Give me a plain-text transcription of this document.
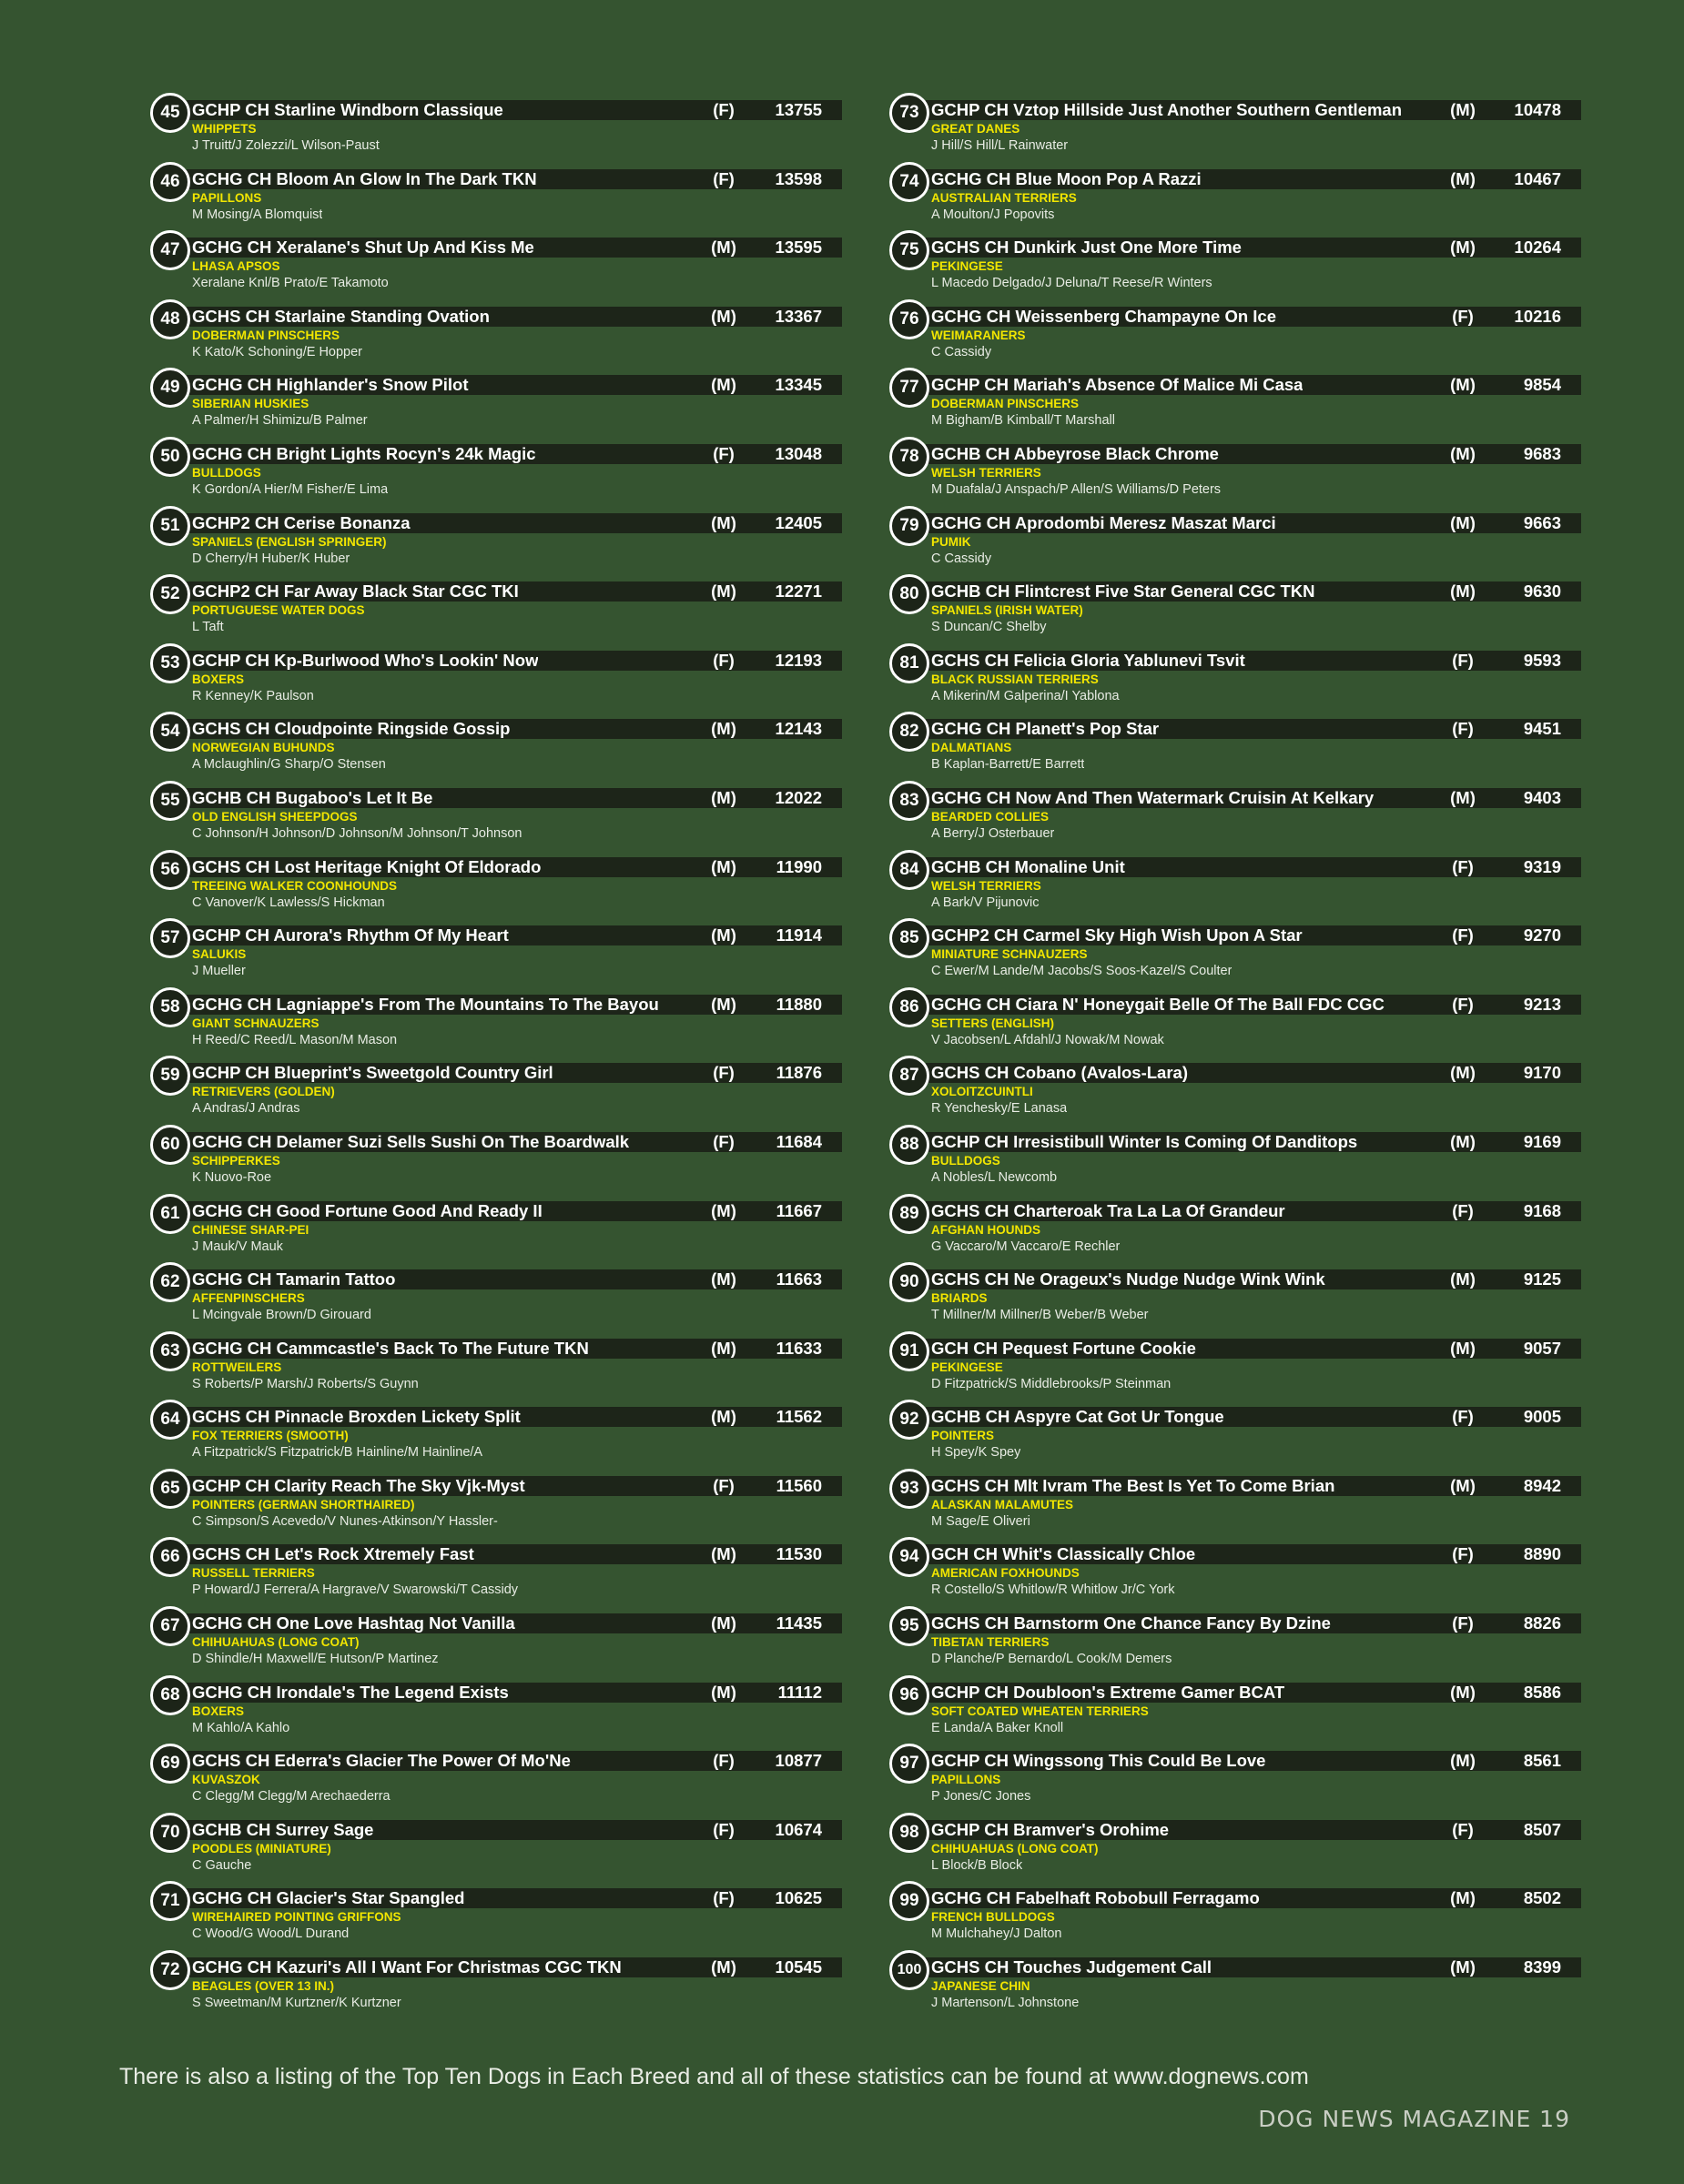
45 GCHP CH Starline Windborn Classique	(F)	13755
WHIPPETS
J Truitt/J Zolezzi/L Wilson-Paust
46 GCHG CH Bloom An Glow In The Dark TKN	(F)	13598
PAPILLONS
M Mosing/A Blomquist
47 GCHG CH Xeralane's Shut Up And Kiss Me	(M)	13595
LHASA APSOS
Xeralane Knl/B Prato/E Takamoto
48 GCHS CH Starlaine Standing Ovation	(M)	13367
DOBERMAN PINSCHERS
K Kato/K Schoning/E Hopper
49 GCHG CH Highlander's Snow Pilot	(M)	13345
SIBERIAN HUSKIES
A Palmer/H Shimizu/B Palmer
50 GCHG CH Bright Lights Rocyn's 24k Magic	(F)	13048
BULLDOGS
K Gordon/A Hier/M Fisher/E Lima
51 GCHP2 CH Cerise Bonanza	(M)	12405
SPANIELS (ENGLISH SPRINGER)
D Cherry/H Huber/K Huber
52 GCHP2 CH Far Away Black Star CGC TKI	(M)	12271
PORTUGUESE WATER DOGS
L Taft
53 GCHP CH Kp-Burlwood Who's Lookin' Now	(F)	12193
BOXERS
R Kenney/K Paulson
54 GCHS CH Cloudpointe Ringside Gossip	(M)	12143
NORWEGIAN BUHUNDS
A Mclaughlin/G Sharp/O Stensen
55 GCHB CH Bugaboo's Let It Be	(M)	12022
OLD ENGLISH SHEEPDOGS
C Johnson/H Johnson/D Johnson/M Johnson/T Johnson
56 GCHS CH Lost Heritage Knight Of Eldorado	(M)	11990
TREEING WALKER COONHOUNDS
C Vanover/K Lawless/S Hickman
57 GCHP CH Aurora's Rhythm Of My Heart	(M)	11914
SALUKIS
J Mueller
58 GCHG CH Lagniappe's From The Mountains To The Bayou	(M)	11880
GIANT SCHNAUZERS
H Reed/C Reed/L Mason/M Mason
59 GCHP CH Blueprint's Sweetgold Country Girl	(F)	11876
RETRIEVERS (GOLDEN)
A Andras/J Andras
60 GCHG CH Delamer Suzi Sells Sushi On The Boardwalk	(F)	11684
SCHIPPERKES
K Nuovo-Roe
61 GCHG CH Good Fortune Good And Ready II	(M)	11667
CHINESE SHAR-PEI
J Mauk/V Mauk
62 GCHG CH Tamarin Tattoo	(M)	11663
AFFENPINSCHERS
L Mcingvale Brown/D Girouard
63 GCHG CH Cammcastle's Back To The Future TKN	(M)	11633
ROTTWEILERS
S Roberts/P Marsh/J Roberts/S Guynn
64 GCHS CH Pinnacle Broxden Lickety Split	(M)	11562
FOX TERRIERS (SMOOTH)
A Fitzpatrick/S Fitzpatrick/B Hainline/M Hainline/A
65 GCHP CH Clarity Reach The Sky Vjk-Myst	(F)	11560
POINTERS (GERMAN SHORTHAIRED)
C Simpson/S Acevedo/V Nunes-Atkinson/Y Hassler-
66 GCHS CH Let's Rock Xtremely Fast	(M)	11530
RUSSELL TERRIERS
P Howard/J Ferrera/A Hargrave/V Swarowski/T Cassidy
67 GCHG CH One Love Hashtag Not Vanilla	(M)	11435
CHIHUAHUAS (LONG COAT)
D Shindle/H Maxwell/E Hutson/P Martinez
68 GCHG CH Irondale's The Legend Exists	(M)	11112
BOXERS
M Kahlo/A Kahlo
69 GCHS CH Ederra's Glacier The Power Of Mo'Ne	(F)	10877
KUVASZOK
C Clegg/M Clegg/M Arechaederra
70 GCHB CH Surrey Sage	(F)	10674
POODLES (MINIATURE)
C Gauche
71 GCHG CH Glacier's Star Spangled	(F)	10625
WIREHAIRED POINTING GRIFFONS
C Wood/G Wood/L Durand
72 GCHG CH Kazuri's All I Want For Christmas CGC TKN	(M)	10545
BEAGLES (OVER 13 IN.)
S Sweetman/M Kurtzner/K Kurtzner
73 GCHP CH Vztop Hillside Just Another Southern Gentleman	(M)	10478
GREAT DANES
J Hill/S Hill/L Rainwater
74 GCHG CH Blue Moon Pop A Razzi	(M)	10467
AUSTRALIAN TERRIERS
A Moulton/J Popovits
75 GCHS CH Dunkirk Just One More Time	(M)	10264
PEKINGESE
L Macedo Delgado/J Deluna/T Reese/R Winters
76 GCHG CH Weissenberg Champayne On Ice	(F)	10216
WEIMARANERS
C Cassidy
77 GCHP CH Mariah's Absence Of Malice Mi Casa	(M)	9854
DOBERMAN PINSCHERS
M Bigham/B Kimball/T Marshall
78 GCHB CH Abbeyrose Black Chrome	(M)	9683
WELSH TERRIERS
M Duafala/J Anspach/P Allen/S Williams/D Peters
79 GCHG CH Aprodombi Meresz Maszat Marci	(M)	9663
PUMIK
C Cassidy
80 GCHB CH Flintcrest Five Star General CGC TKN	(M)	9630
SPANIELS (IRISH WATER)
S Duncan/C Shelby
81 GCHS CH Felicia Gloria Yablunevi Tsvit	(F)	9593
BLACK RUSSIAN TERRIERS
A Mikerin/M Galperina/I Yablona
82 GCHG CH Planett's Pop Star	(F)	9451
DALMATIANS
B Kaplan-Barrett/E Barrett
83 GCHG CH Now And Then Watermark Cruisin At Kelkary	(M)	9403
BEARDED COLLIES
A Berry/J Osterbauer
84 GCHB CH Monaline Unit	(F)	9319
WELSH TERRIERS
A Bark/V Pijunovic
85 GCHP2 CH Carmel Sky High Wish Upon A Star	(F)	9270
MINIATURE SCHNAUZERS
C Ewer/M Lande/M Jacobs/S Soos-Kazel/S Coulter
86 GCHG CH Ciara N' Honeygait Belle Of The Ball FDC CGC	(F)	9213
SETTERS (ENGLISH)
V Jacobsen/L Afdahl/J Nowak/M Nowak
87 GCHS CH Cobano (Avalos-Lara)	(M)	9170
XOLOITZCUINTLI
R Yenchesky/E Lanasa
88 GCHP CH Irresistibull Winter Is Coming Of Danditops	(M)	9169
BULLDOGS
A Nobles/L Newcomb
89 GCHS CH Charteroak Tra La La Of Grandeur	(F)	9168
AFGHAN HOUNDS
G Vaccaro/M Vaccaro/E Rechler
90 GCHS CH Ne Orageux's Nudge Nudge Wink Wink	(M)	9125
BRIARDS
T Millner/M Millner/B Weber/B Weber
91 GCH CH Pequest Fortune Cookie	(M)	9057
PEKINGESE
D Fitzpatrick/S Middlebrooks/P Steinman
92 GCHB CH Aspyre Cat Got Ur Tongue	(F)	9005
POINTERS
H Spey/K Spey
93 GCHS CH Mlt Ivram The Best Is Yet To Come Brian	(M)	8942
ALASKAN MALAMUTES
M Sage/E Oliveri
94 GCH CH Whit's Classically Chloe	(F)	8890
AMERICAN FOXHOUNDS
R Costello/S Whitlow/R Whitlow Jr/C York
95 GCHS CH Barnstorm One Chance Fancy By Dzine	(F)	8826
TIBETAN TERRIERS
D Planche/P Bernardo/L Cook/M Demers
96 GCHP CH Doubloon's Extreme Gamer BCAT	(M)	8586
SOFT COATED WHEATEN TERRIERS
E Landa/A Baker Knoll
97 GCHP CH Wingssong This Could Be Love	(M)	8561
PAPILLONS
P Jones/C Jones
98 GCHP CH Bramver's Orohime	(F)	8507
CHIHUAHUAS (LONG COAT)
L Block/B Block
99 GCHG CH Fabelhaft Robobull Ferragamo	(M)	8502
FRENCH BULLDOGS
M Mulchahey/J Dalton
100 GCHS CH Touches Judgement Call	(M)	8399
JAPANESE CHIN
J Martenson/L Johnstone
There is also a listing of the Top Ten Dogs in Each Breed and all of these statistics can be found at www.dognews.com
DOG NEWS MAGAZINE 19
